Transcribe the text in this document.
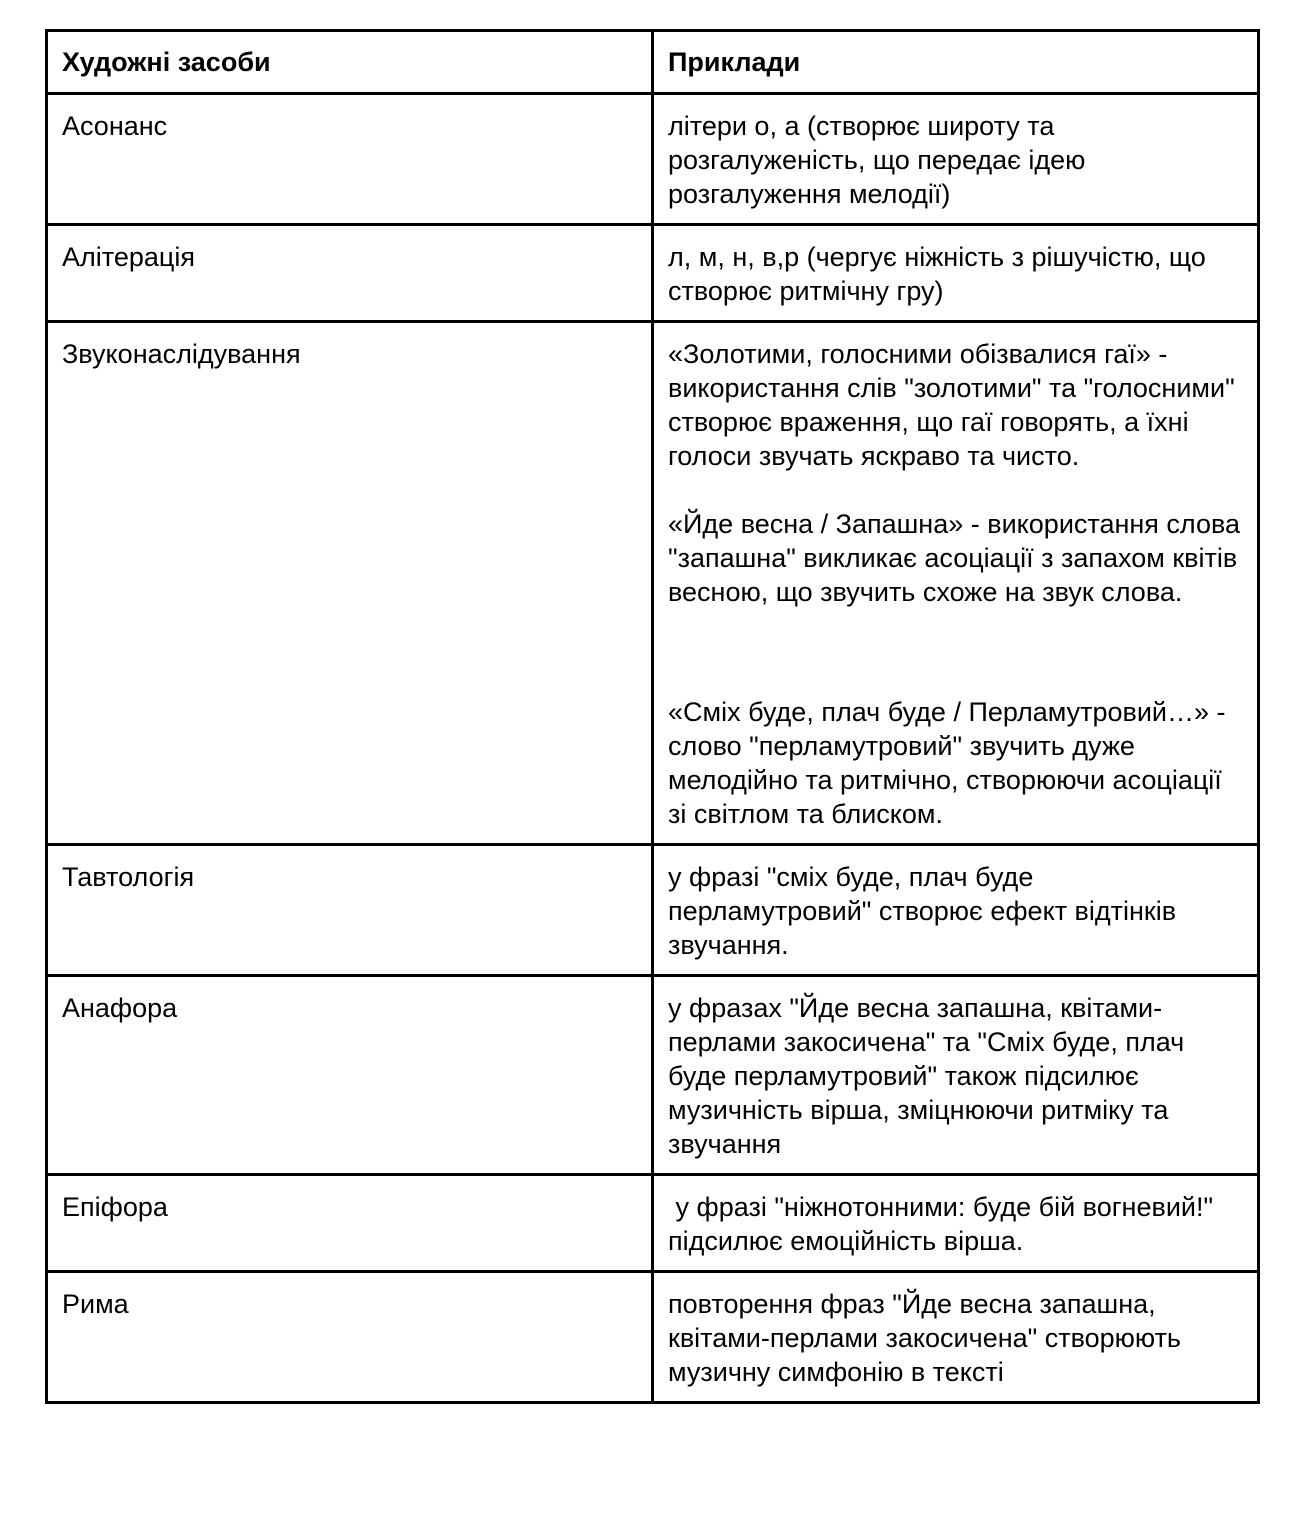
Художні засоби	Приклади
Асонанс	літери о, а (створює широту та розгалуженість, що передає ідею розгалуження мелодії)

Алітерація	л, м, н, в,р (чергує ніжність з рішучістю, що створює ритмічну гру)

Звуконаслідування	«Золотими, голосними обізвалися гаї» - використання слів "золотими" та "голосними" створює враження, що гаї говорять, а їхні голоси звучать яскраво та чисто.

«Йде весна / Запашна» - використання слова "запашна" викликає асоціації з запахом квітів весною, що звучить схоже на звук слова.

«Сміх буде, плач буде / Перламутровий…» - слово "перламутровий" звучить дуже мелодійно та ритмічно, створюючи асоціації зі світлом та блиском.

Тавтологія	у фразі "сміх буде, плач буде перламутровий" створює ефект відтінків звучання.

Анафора	у фразах "Йде весна запашна, квітами-перлами закосичена" та "Сміх буде, плач буде перламутровий" також підсилює музичність вірша, зміцнюючи ритміку та звучання

Епіфора	у фразі "ніжнотонними: буде бій вогневий!" підсилює емоційність вірша.

Рима	повторення фраз "Йде весна запашна, квітами-перлами закосичена" створюють музичну симфонію в тексті
